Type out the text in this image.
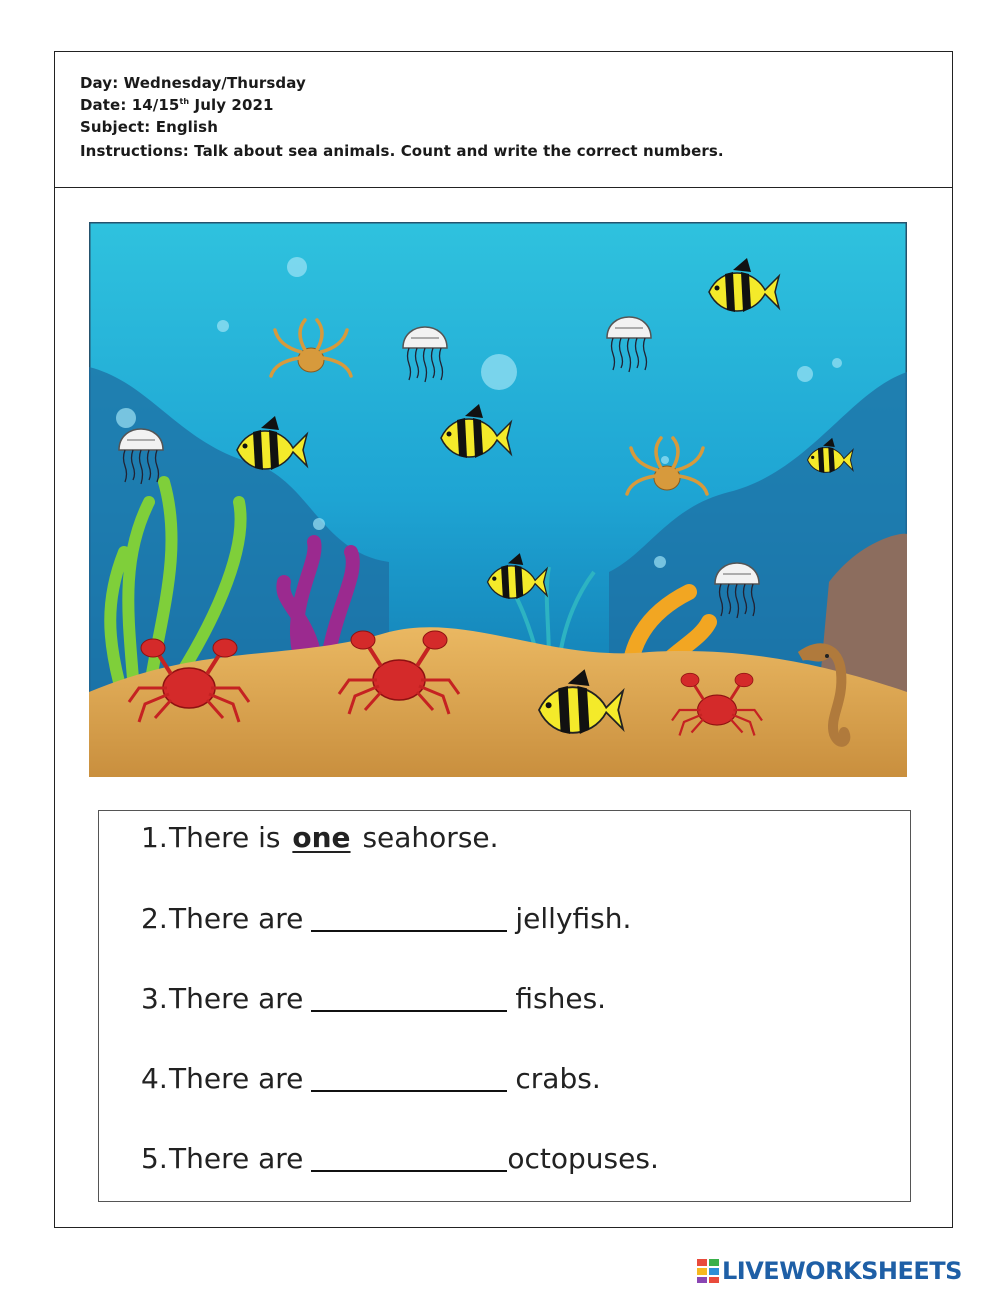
Day: Wednesday/Thursday
Date: 14/15th July 2021
Subject: English
Instructions: Talk about sea animals. Count and write the correct numbers.
1.There is one seahorse.
2.There are	jellyfish.
3.There are	fishes.
4.There are	crabs.
5.There are	octopuses.
LIVEWORKSHEETS
